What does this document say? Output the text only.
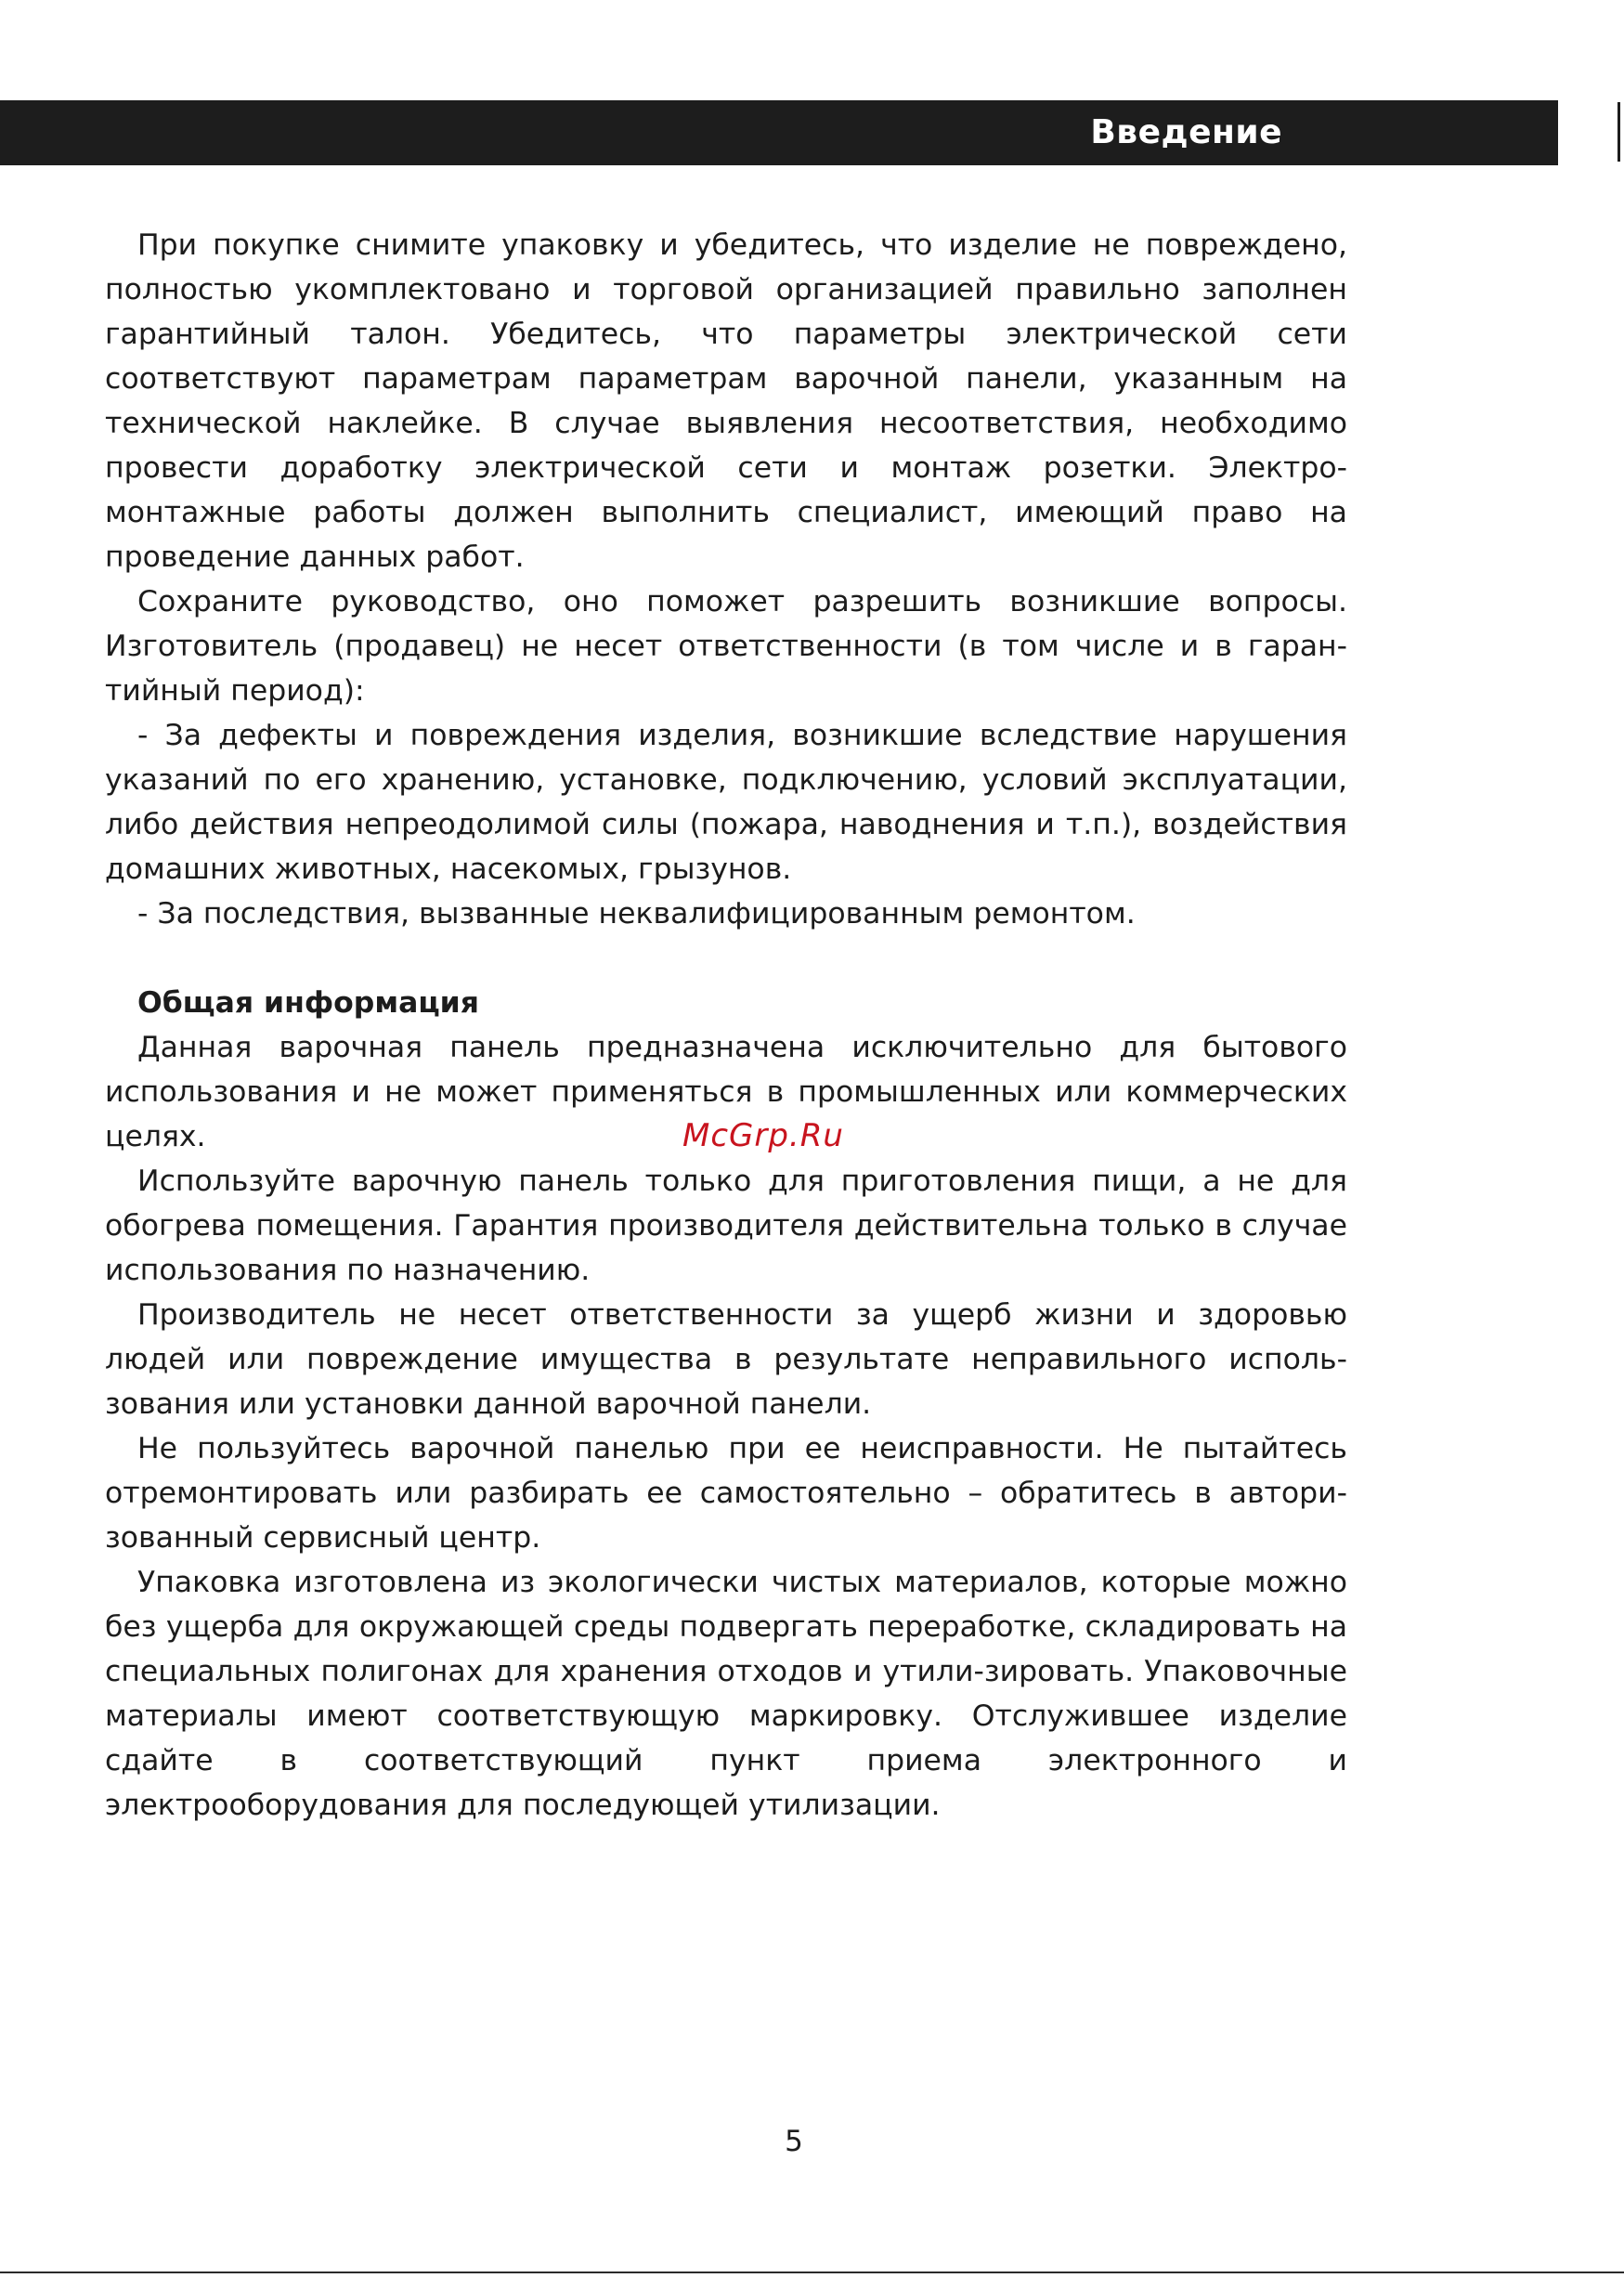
Введение

При покупке снимите упаковку и убедитесь, что изделие не повреждено, полностью укомплектовано и торговой организацией правильно заполнен гарантийный талон. Убедитесь, что параметры электрической сети соответствуют параметрам параметрам варочной панели, указанным на технической наклейке. В случае выявления несоответствия, необходимо провести доработку электрической сети и монтаж розетки. Электро-монтажные работы должен выполнить специалист, имеющий право на проведение данных работ.

Сохраните руководство, оно поможет разрешить возникшие вопросы. Изготовитель (продавец) не несет ответственности (в том числе и в гаран-тийный период):

- За дефекты и повреждения изделия, возникшие вследствие нарушения указаний по его хранению, установке, подключению, условий эксплуатации, либо действия непреодолимой силы (пожара, наводнения и т.п.), воздействия домашних животных, насекомых, грызунов.

- За последствия, вызванные неквалифицированным ремонтом.

Общая информация

Данная варочная панель предназначена исключительно для бытового использования и не может применяться в промышленных или коммерческих целях.

Используйте варочную панель только для приготовления пищи, а не для обогрева помещения. Гарантия производителя действительна только в случае использования по назначению.

Производитель не несет ответственности за ущерб жизни и здоровью людей или повреждение имущества в результате неправильного исполь-зования или установки данной варочной панели.

Не пользуйтесь варочной панелью при ее неисправности. Не пытайтесь отремонтировать или разбирать ее самостоятельно – обратитесь в автори-зованный сервисный центр.

Упаковка изготовлена из экологически чистых материалов, которые можно без ущерба для окружающей среды подвергать переработке, складировать на специальных полигонах для хранения отходов и утили-зировать. Упаковочные материалы имеют соответствующую маркировку. Отслужившее изделие сдайте в соответствующий пункт приема электронного и электрооборудования для последующей утилизации.

McGrp.Ru
5
